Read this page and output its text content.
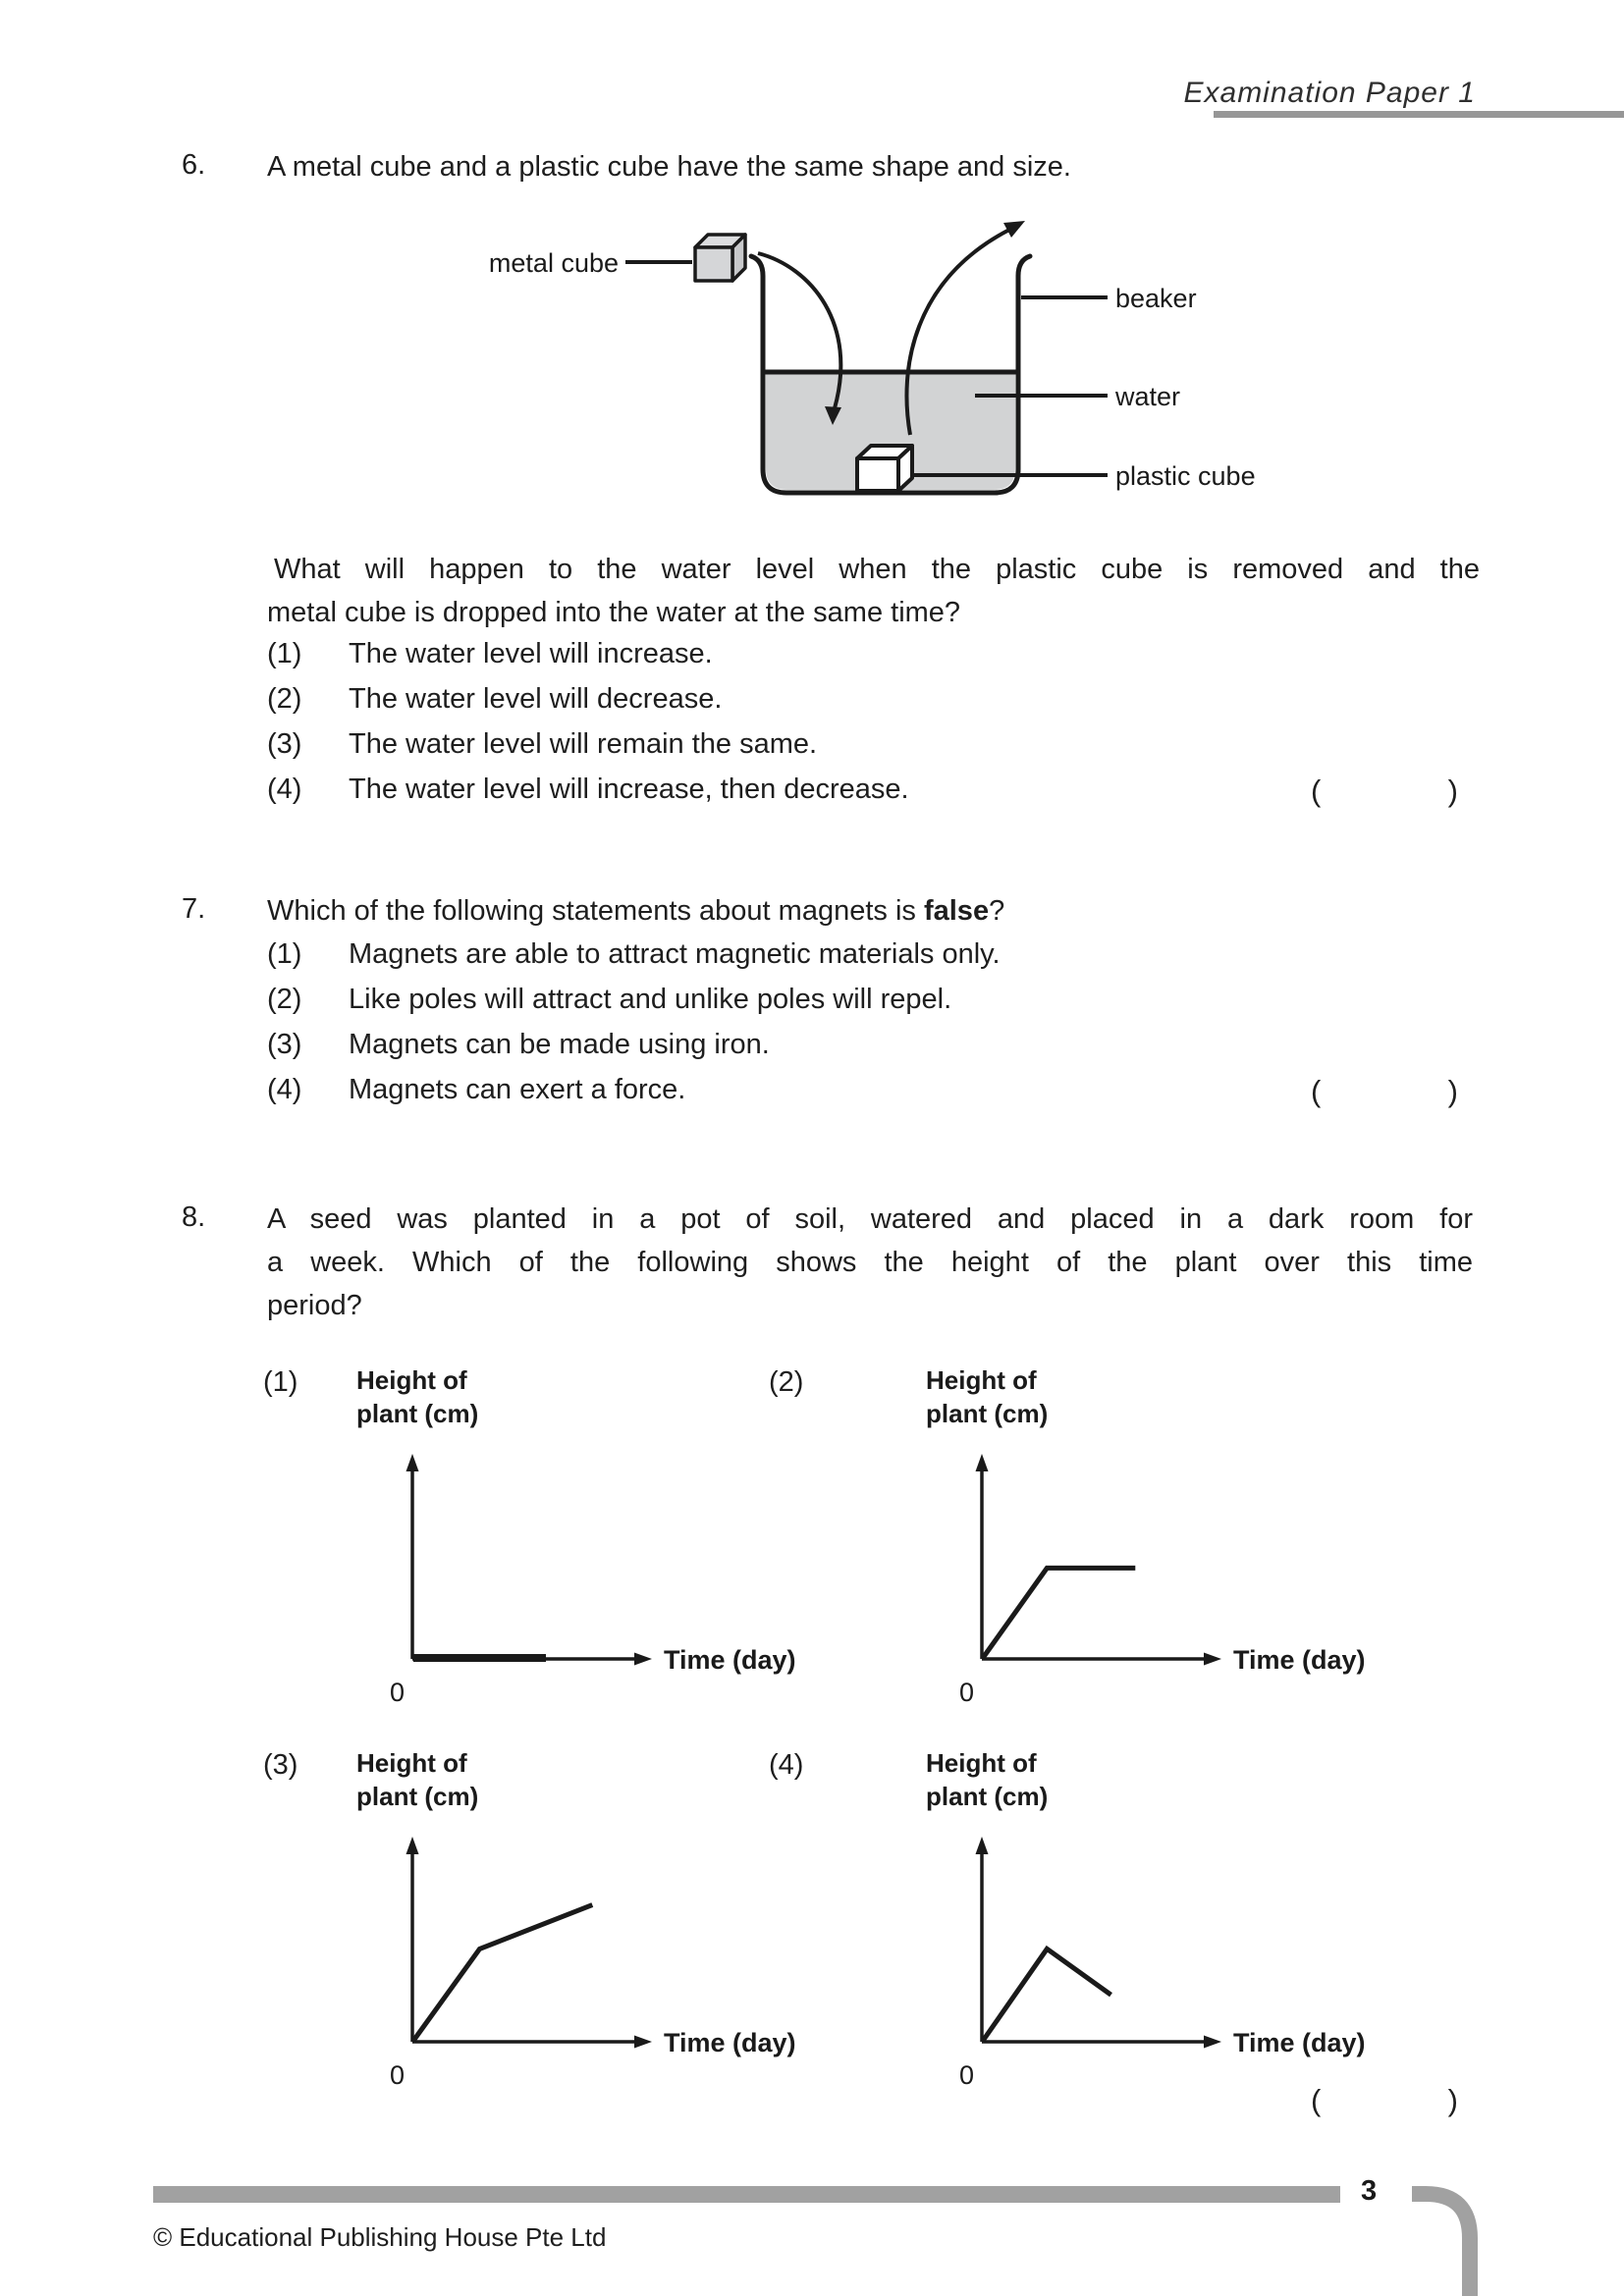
Examination Paper 1
6. A metal cube and a plastic cube have the same shape and size.
metal cube
beaker
water
plastic cube
What will happen to the water level when the plastic cube is removed and the
metal cube is dropped into the water at the same time?
(1)	The water level will increase.
(2)	The water level will decrease.
(3)	The water level will remain the same.
(4)	The water level will increase, then decrease.	(	)
7. Which of the following statements about magnets is false?
(1)	Magnets are able to attract magnetic materials only.
(2)	Like poles will attract and unlike poles will repel.
(3)	Magnets can be made using iron.
(4)	Magnets can exert a force.	(	)
8. A seed was planted in a pot of soil, watered and placed in a dark room for
a week. Which of the following shows the height of the plant over this time
period?
(1)	(2)
(3)	(4)
Height of
plant (cm)
Time (day)
0
Height of
plant (cm)
Time (day)
0
Height of
plant (cm)
Time (day)
0
Height of
plant (cm)
Time (day)
0
(	)
3
© Educational Publishing House Pte Ltd
